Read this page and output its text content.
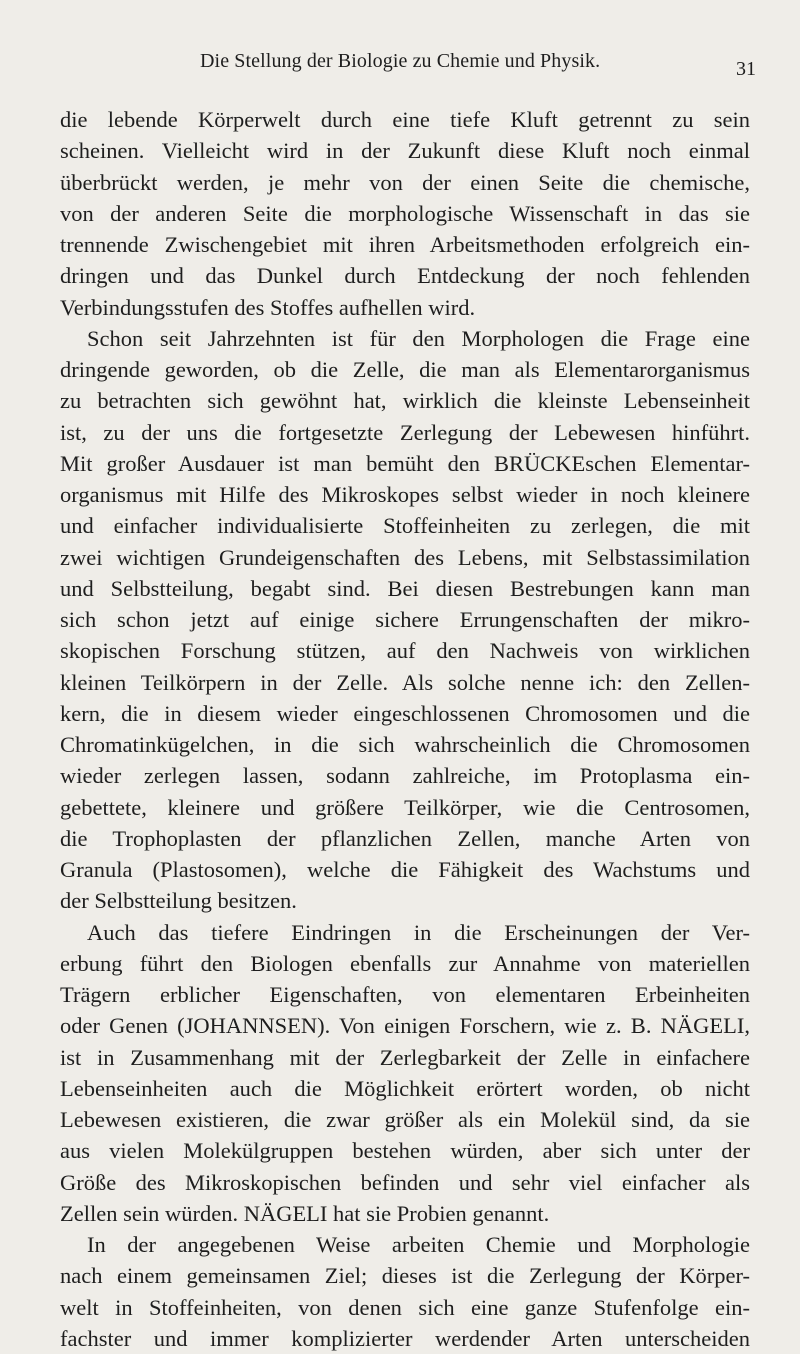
Die Stellung der Biologie zu Chemie und Physik.	31
die lebende Körperwelt durch eine tiefe Kluft getrennt zu sein
scheinen. Vielleicht wird in der Zukunft diese Kluft noch einmal
überbrückt werden, je mehr von der einen Seite die chemische,
von der anderen Seite die morphologische Wissenschaft in das sie
trennende Zwischengebiet mit ihren Arbeitsmethoden erfolgreich ein-
dringen und das Dunkel durch Entdeckung der noch fehlenden
Verbindungsstufen des Stoffes aufhellen wird.
Schon seit Jahrzehnten ist für den Morphologen die Frage eine
dringende geworden, ob die Zelle, die man als Elementarorganismus
zu betrachten sich gewöhnt hat, wirklich die kleinste Lebenseinheit
ist, zu der uns die fortgesetzte Zerlegung der Lebewesen hinführt.
Mit großer Ausdauer ist man bemüht den BRÜCKEschen Elementar-
organismus mit Hilfe des Mikroskopes selbst wieder in noch kleinere
und einfacher individualisierte Stoffeinheiten zu zerlegen, die mit
zwei wichtigen Grundeigenschaften des Lebens, mit Selbstassimilation
und Selbstteilung, begabt sind. Bei diesen Bestrebungen kann man
sich schon jetzt auf einige sichere Errungenschaften der mikro-
skopischen Forschung stützen, auf den Nachweis von wirklichen
kleinen Teilkörpern in der Zelle. Als solche nenne ich: den Zellen-
kern, die in diesem wieder eingeschlossenen Chromosomen und die
Chromatinkügelchen, in die sich wahrscheinlich die Chromosomen
wieder zerlegen lassen, sodann zahlreiche, im Protoplasma ein-
gebettete, kleinere und größere Teilkörper, wie die Centrosomen,
die Trophoplasten der pflanzlichen Zellen, manche Arten von
Granula (Plastosomen), welche die Fähigkeit des Wachstums und
der Selbstteilung besitzen.
Auch das tiefere Eindringen in die Erscheinungen der Ver-
erbung führt den Biologen ebenfalls zur Annahme von materiellen
Trägern erblicher Eigenschaften, von elementaren Erbeinheiten
oder Genen (JOHANNSEN). Von einigen Forschern, wie z. B. NÄGELI,
ist in Zusammenhang mit der Zerlegbarkeit der Zelle in einfachere
Lebenseinheiten auch die Möglichkeit erörtert worden, ob nicht
Lebewesen existieren, die zwar größer als ein Molekül sind, da sie
aus vielen Molekülgruppen bestehen würden, aber sich unter der
Größe des Mikroskopischen befinden und sehr viel einfacher als
Zellen sein würden. NÄGELI hat sie Probien genannt.
In der angegebenen Weise arbeiten Chemie und Morphologie
nach einem gemeinsamen Ziel; dieses ist die Zerlegung der Körper-
welt in Stoffeinheiten, von denen sich eine ganze Stufenfolge ein-
fachster und immer komplizierter werdender Arten unterscheiden
